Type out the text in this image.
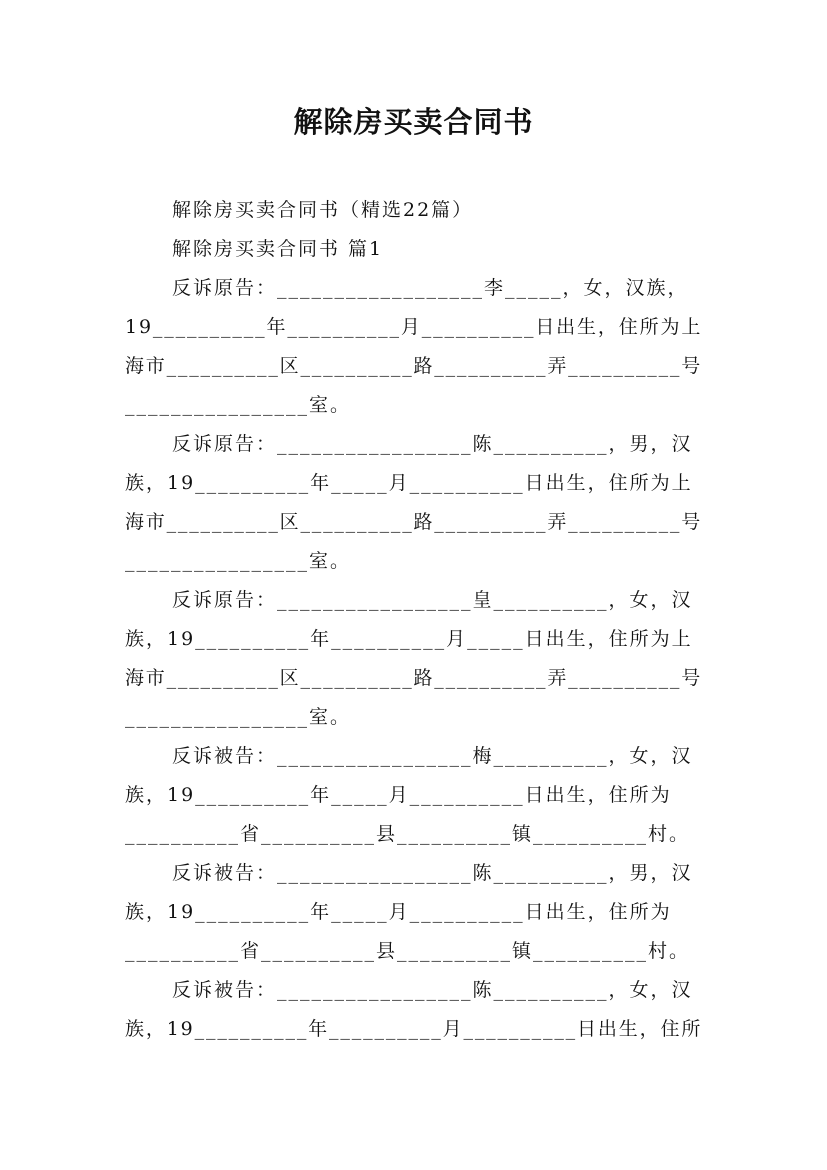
解除房买卖合同书
解除房买卖合同书（精选22篇）
解除房买卖合同书 篇1
反诉原告：__________________李_____，女，汉族，
19__________年__________月__________日出生，住所为上
海市__________区__________路__________弄__________号
________________室。
反诉原告：_________________陈__________，男，汉
族，19__________年_____月__________日出生，住所为上
海市__________区__________路__________弄__________号
________________室。
反诉原告：_________________皇__________，女，汉
族，19__________年__________月_____日出生，住所为上
海市__________区__________路__________弄__________号
________________室。
反诉被告：_________________梅__________，女，汉
族，19__________年_____月__________日出生，住所为
__________省__________县__________镇__________村。
反诉被告：_________________陈__________，男，汉
族，19__________年_____月__________日出生，住所为
__________省__________县__________镇__________村。
反诉被告：_________________陈__________，女，汉
族，19__________年__________月__________日出生，住所
